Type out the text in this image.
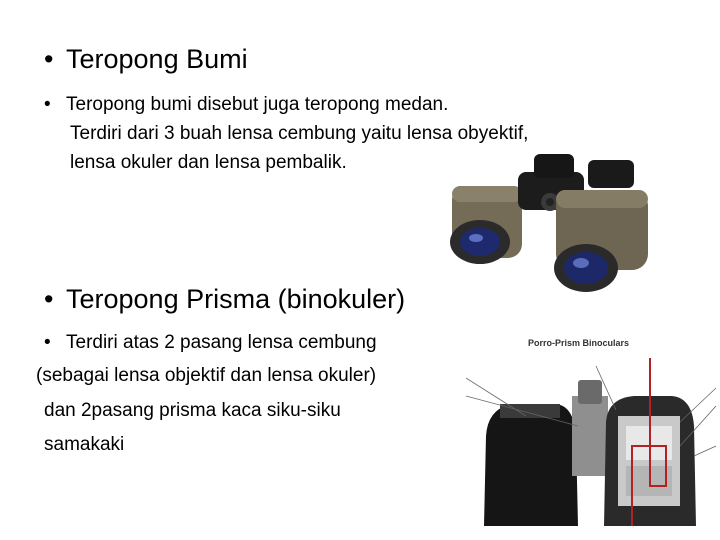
• Teropong Bumi
• Teropong bumi disebut juga teropong medan.
Terdiri dari 3 buah lensa cembung yaitu lensa obyektif,
lensa okuler dan lensa pembalik.
• Teropong Prisma (binokuler)
• Terdiri atas 2 pasang lensa cembung
(sebagai lensa objektif dan lensa okuler)
dan 2pasang prisma kaca siku-siku
samakaki
Porro-Prism Binoculars
